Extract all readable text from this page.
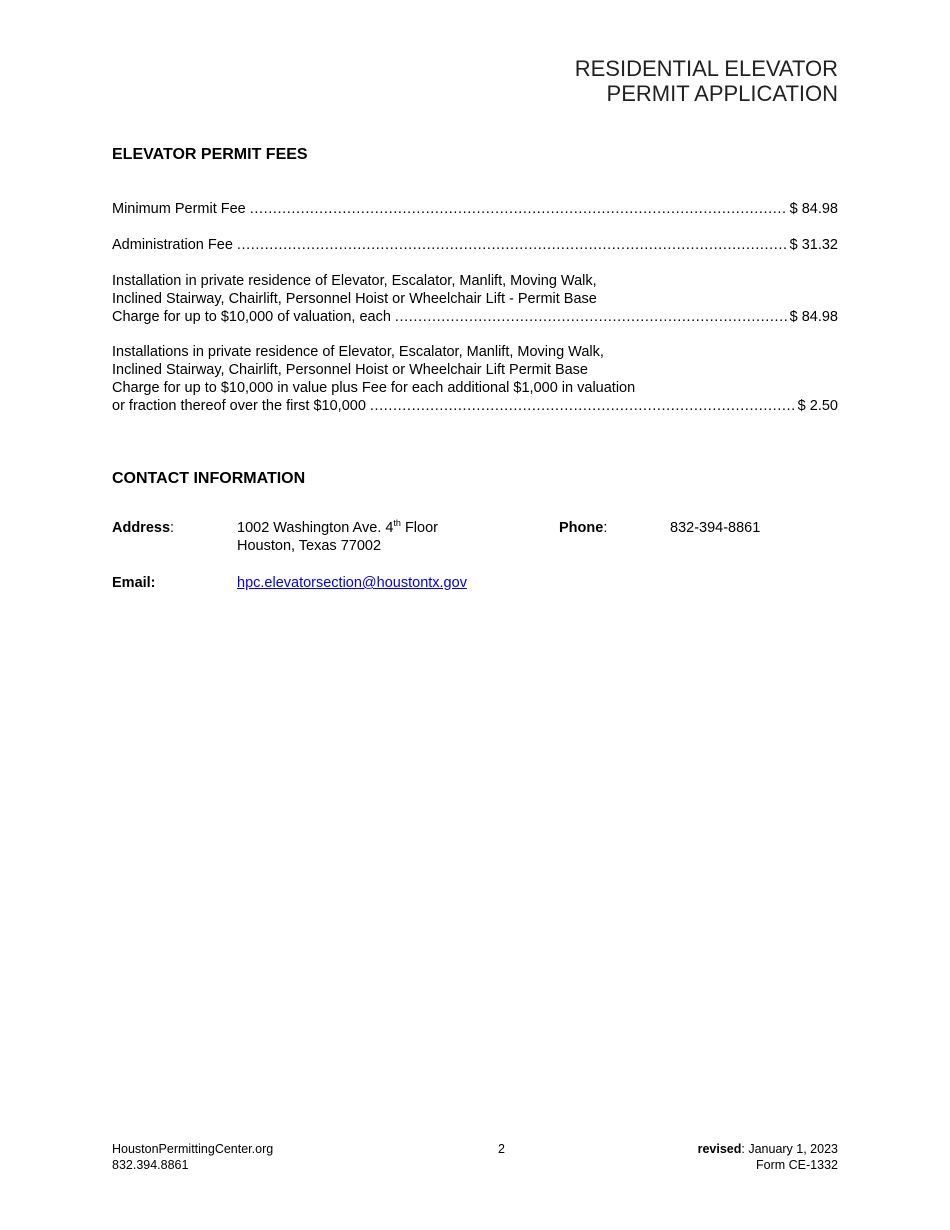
RESIDENTIAL ELEVATOR
PERMIT APPLICATION
ELEVATOR PERMIT FEES
Minimum Permit Fee .....	$ 84.98
Administration Fee .....	$ 31.32
Installation in private residence of Elevator, Escalator, Manlift, Moving Walk,
Inclined Stairway, Chairlift, Personnel Hoist or Wheelchair Lift - Permit Base
Charge for up to $10,000 of valuation, each .....	$ 84.98
Installations in private residence of Elevator, Escalator, Manlift, Moving Walk,
Inclined Stairway, Chairlift, Personnel Hoist or Wheelchair Lift Permit Base
Charge for up to $10,000 in value plus Fee for each additional $1,000 in valuation
or fraction thereof over the first $10,000 .....	$ 2.50
CONTACT INFORMATION
Address:	1002 Washington Ave. 4th Floor
Houston, Texas 77002
Phone:	832-394-8861
Email:	hpc.elevatorsection@houstontx.gov
HoustonPermittingCenter.org
832.394.8861
2	revised: January 1, 2023
Form CE-1332
